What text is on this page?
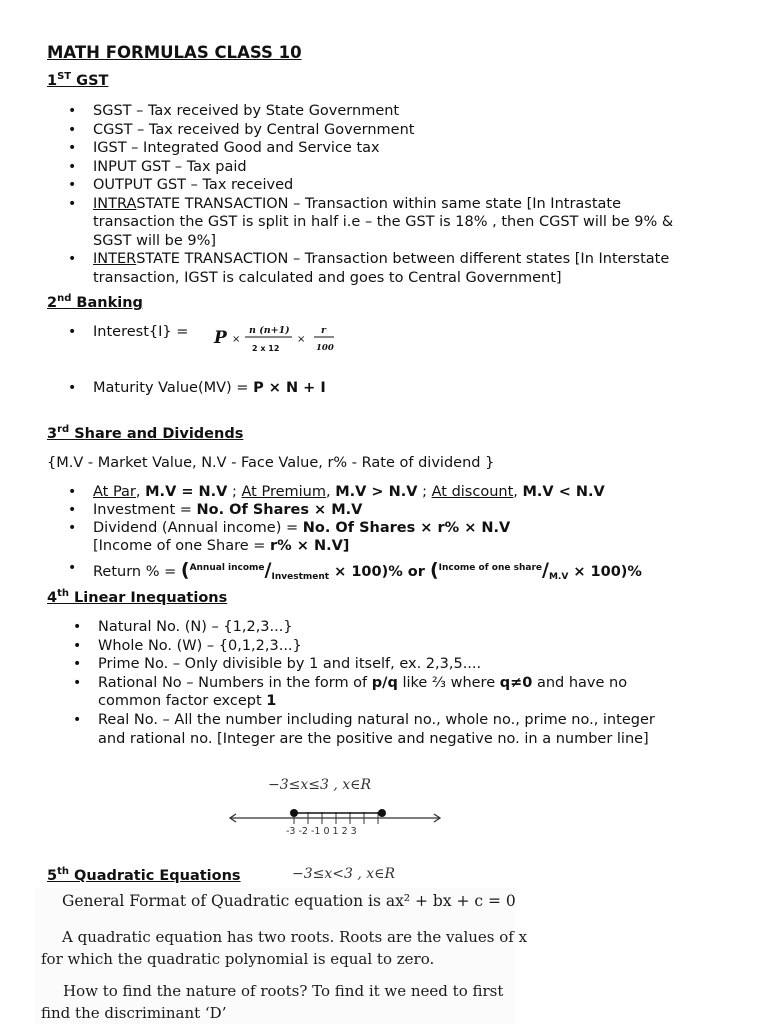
MATH FORMULAS CLASS 10
1ST GST
• SGST – Tax received by State Government
• CGST – Tax received by Central Government
• IGST – Integrated Good and Service tax
• INPUT GST – Tax paid
• OUTPUT GST – Tax received
• INTRASTATE TRANSACTION – Transaction within same state [In Intrastate
transaction the GST is split in half i.e – the GST is 18% , then CGST will be 9% &
SGST will be 9%]
• INTERSTATE TRANSACTION – Transaction between different states [In Interstate
transaction, IGST is calculated and goes to Central Government]
2nd Banking
• Interest{I} = P ×
n (n+1)
2 x 12
×
r
100
• Maturity Value(MV) = P × N + I
3rd Share and Dividends
{M.V - Market Value, N.V - Face Value, r% - Rate of dividend }
• At Par, M.V = N.V ; At Premium, M.V > N.V ; At discount, M.V < N.V
• Investment = No. Of Shares × M.V
• Dividend (Annual income) = No. Of Shares × r% × N.V
[Income of one Share = r% × N.V]
• Return % = $(^{Annual income}/_{Investment} \times 100)\%$ or $(^{Income of one share}/_{M.V} \times 100)\%$
4th Linear Inequations
• Natural No. (N) – {1,2,3...}
• Whole No. (W) – {0,1,2,3...}
• Prime No. – Only divisible by 1 and itself, ex. 2,3,5....
• Rational No – Numbers in the form of p/q like ⅔ where q≠0 and have no
common factor except 1
• Real No. – All the number including natural no., whole no., prime no., integer
and rational no. [Integer are the positive and negative no. in a number line]
−3≤x≤3 , x∈R
-3 -2 -1 0 1 2 3
−3≤x<3 , x∈R
5th Quadratic Equations
General Format of Quadratic equation is ax² + bx + c = 0
A quadratic equation has two roots. Roots are the values of x
for which the quadratic polynomial is equal to zero.
How to find the nature of roots? To find it we need to first
find the discriminant ‘D’
